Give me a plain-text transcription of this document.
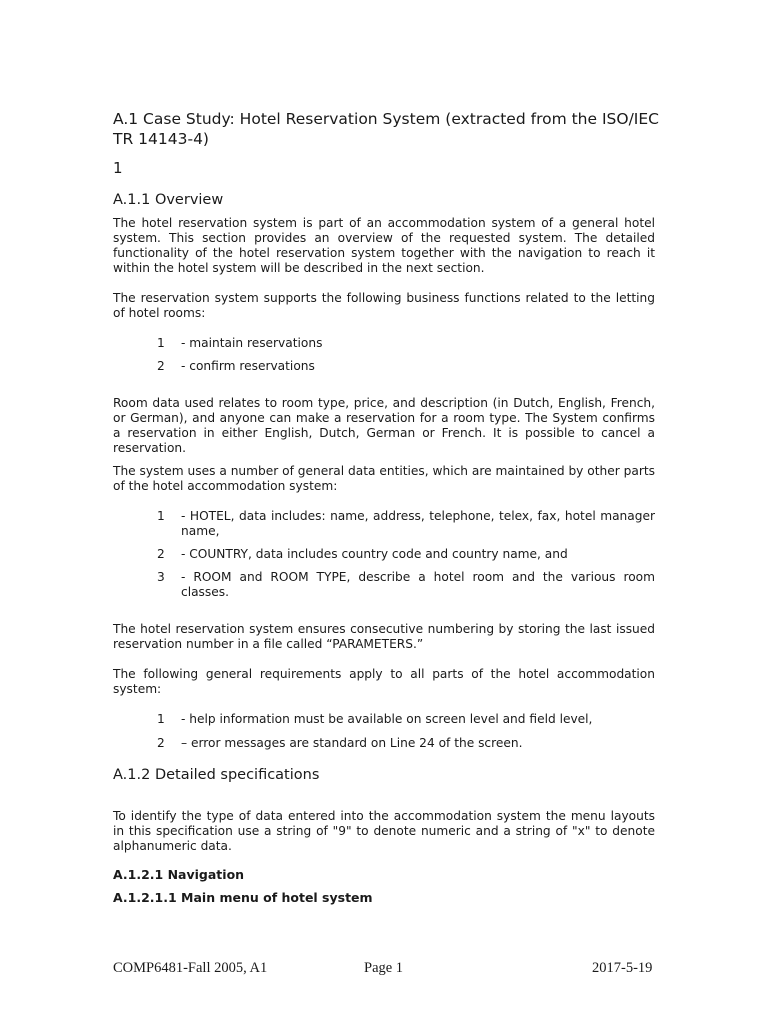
A.1 Case Study: Hotel Reservation System (extracted from the ISO/IEC TR 14143-4)
1
A.1.1 Overview
The hotel reservation system is part of an accommodation system of a general hotel system. This section provides an overview of the requested system. The detailed functionality of the hotel reservation system together with the navigation to reach it within the hotel system will be described in the next section.
The reservation system supports the following business functions related to the letting of hotel rooms:
1 - maintain reservations
2 - confirm reservations
Room data used relates to room type, price, and description (in Dutch, English, French, or German), and anyone can make a reservation for a room type. The System confirms a reservation in either English, Dutch, German or French. It is possible to cancel a reservation.
The system uses a number of general data entities, which are maintained by other parts of the hotel accommodation system:
1 - HOTEL, data includes: name, address, telephone, telex, fax, hotel manager name,
2 - COUNTRY, data includes country code and country name, and
3 - ROOM and ROOM TYPE, describe a hotel room and the various room classes.
The hotel reservation system ensures consecutive numbering by storing the last issued reservation number in a file called “PARAMETERS.”
The following general requirements apply to all parts of the hotel accommodation system:
1 - help information must be available on screen level and field level,
2 – error messages are standard on Line 24 of the screen.
A.1.2 Detailed specifications
To identify the type of data entered into the accommodation system the menu layouts in this specification use a string of "9" to denote numeric and a string of "x" to denote alphanumeric data.
A.1.2.1 Navigation
A.1.2.1.1 Main menu of hotel system
COMP6481-Fall 2005, A1	Page 1	2017-5-19
